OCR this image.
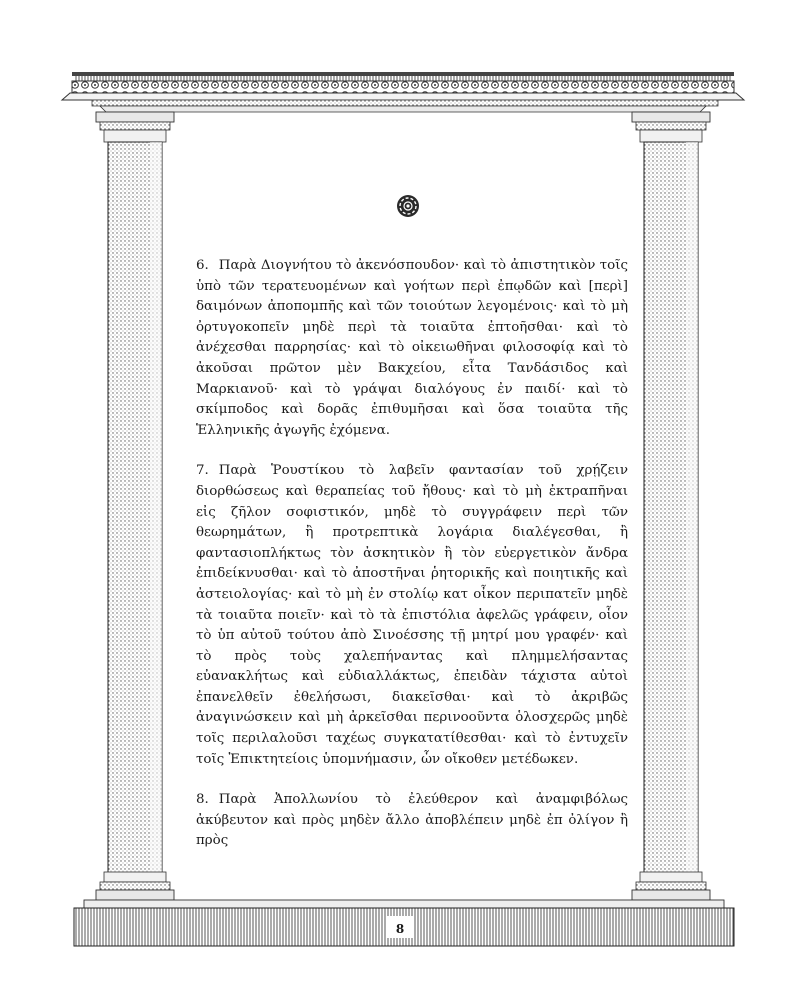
6. Παρὰ Διογνήτου τὸ ἀκενόσπουδον· καὶ τὸ ἀπιστητικὸν τοῖς ὑπὸ τῶν τερατευομένων καὶ γοήτων περὶ ἐπῳδῶν καὶ [περὶ] δαιμόνων ἀποπομπῆς καὶ τῶν τοιούτων λεγομένοις· καὶ τὸ μὴ ὀρτυγοκοπεῖν μηδὲ περὶ τὰ τοιαῦτα ἐπτοῆσθαι· καὶ τὸ ἀνέχεσθαι παρρησίας· καὶ τὸ οἰκειωθῆναι φιλοσοφίᾳ καὶ τὸ ἀκοῦσαι πρῶτον μὲν Βακχείου, εἶτα Τανδάσιδος καὶ Μαρκιανοῦ· καὶ τὸ γράψαι διαλόγους ἐν παιδί· καὶ τὸ σκίμποδος καὶ δορᾶς ἐπιθυμῆσαι καὶ ὅσα τοιαῦτα τῆς Ἑλληνικῆς ἀγωγῆς ἐχόμενα.

7. Παρὰ Ῥουστίκου τὸ λαβεῖν φαντασίαν τοῦ χρῄζειν διορθώσεως καὶ θεραπείας τοῦ ἤθους· καὶ τὸ μὴ ἐκτραπῆναι εἰς ζῆλον σοφιστικόν, μηδὲ τὸ συγγράφειν περὶ τῶν θεωρημάτων, ἢ προτρεπτικὰ λογάρια διαλέγεσθαι, ἢ φαντασιοπλήκτως τὸν ἀσκητικὸν ἢ τὸν εὐεργετικὸν ἄνδρα ἐπιδείκνυσθαι· καὶ τὸ ἀποστῆναι ῥητορικῆς καὶ ποιητικῆς καὶ ἀστειολογίας· καὶ τὸ μὴ ἐν στολίῳ κατ οἶκον περιπατεῖν μηδὲ τὰ τοιαῦτα ποιεῖν· καὶ τὸ τὰ ἐπιστόλια ἀφελῶς γράφειν, οἷον τὸ ὑπ αὐτοῦ τούτου ἀπὸ Σινοέσσης τῇ μητρί μου γραφέν· καὶ τὸ πρὸς τοὺς χαλεπήναντας καὶ πλημμελήσαντας εὐανακλήτως καὶ εὐδιαλλάκτως, ἐπειδὰν τάχιστα αὐτοὶ ἐπανελθεῖν ἐθελήσωσι, διακεῖσθαι· καὶ τὸ ἀκριβῶς ἀναγινώσκειν καὶ μὴ ἀρκεῖσθαι περινοοῦντα ὁλοσχερῶς μηδὲ τοῖς περιλαλοῦσι ταχέως συγκατατίθεσθαι· καὶ τὸ ἐντυχεῖν τοῖς Ἐπικτητείοις ὑπομνήμασιν, ὧν οἴκοθεν μετέδωκεν.

8. Παρὰ Ἀπολλωνίου τὸ ἐλεύθερον καὶ ἀναμφιβόλως ἀκύβευτον καὶ πρὸς μηδὲν ἄλλο ἀποβλέπειν μηδὲ ἐπ ὀλίγον ἢ πρὸς

8
